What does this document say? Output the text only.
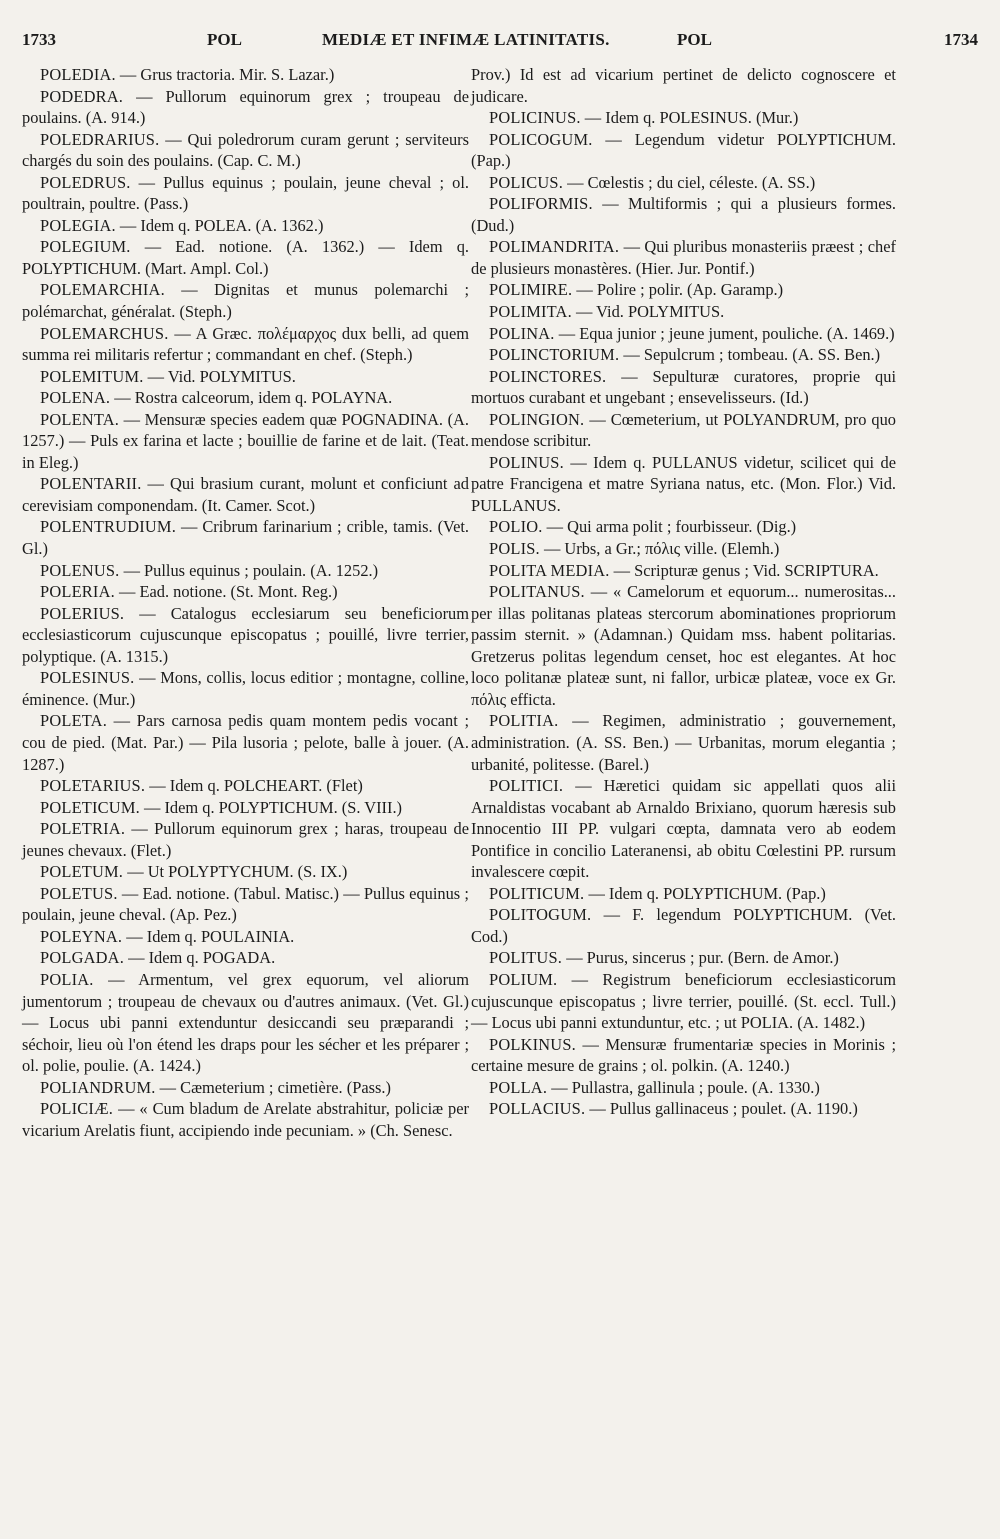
1733	POL	MEDIÆ ET INFIMÆ LATINITATIS.	POL	1734
POLEDIA. — Grus tractoria. Mir. S. Lazar.)
PODEDRA. — Pullorum equinorum grex ; troupeau de poulains. (A. 914.)
POLEDRARIUS. — Qui poledrorum curam gerunt ; serviteurs chargés du soin des poulains. (Cap. C. M.)
POLEDRUS. — Pullus equinus ; poulain, jeune cheval ; ol. poultrain, poultre. (Pass.)
POLEGIA. — Idem q. POLEA. (A. 1362.)
POLEGIUM. — Ead. notione. (A. 1362.) — Idem q. POLYPTICHUM. (Mart. Ampl. Col.)
POLEMARCHIA. — Dignitas et munus polemarchi ; polémarchat, généralat. (Steph.)
POLEMARCHUS. — A Græc. πολέμαρχος dux belli, ad quem summa rei militaris refertur ; commandant en chef. (Steph.)
POLEMITUM. — Vid. POLYMITUS.
POLENA. — Rostra calceorum, idem q. POLAYNA.
POLENTA. — Mensuræ species eadem quæ POGNADINA. (A. 1257.) — Puls ex farina et lacte ; bouillie de farine et de lait. (Teat. in Eleg.)
POLENTARII. — Qui brasium curant, molunt et conficiunt ad cerevisiam componendam. (It. Camer. Scot.)
POLENTRUDIUM. — Cribrum farinarium ; crible, tamis. (Vet. Gl.)
POLENUS. — Pullus equinus ; poulain. (A. 1252.)
POLERIA. — Ead. notione. (St. Mont. Reg.)
POLERIUS. — Catalogus ecclesiarum seu beneficiorum ecclesiasticorum cujuscunque episcopatus ; pouillé, livre terrier, polyptique. (A. 1315.)
POLESINUS. — Mons, collis, locus editior ; montagne, colline, éminence. (Mur.)
POLETA. — Pars carnosa pedis quam montem pedis vocant ; cou de pied. (Mat. Par.) — Pila lusoria ; pelote, balle à jouer. (A. 1287.)
POLETARIUS. — Idem q. POLCHEART. (Flet)
POLETICUM. — Idem q. POLYPTICHUM. (S. VIII.)
POLETRIA. — Pullorum equinorum grex ; haras, troupeau de jeunes chevaux. (Flet.)
POLETUM. — Ut POLYPTYCHUM. (S. IX.)
POLETUS. — Ead. notione. (Tabul. Matisc.) — Pullus equinus ; poulain, jeune cheval. (Ap. Pez.)
POLEYNA. — Idem q. POULAINIA.
POLGADA. — Idem q. POGADA.
POLIA. — Armentum, vel grex equorum, vel aliorum jumentorum ; troupeau de chevaux ou d'autres animaux. (Vet. Gl.) — Locus ubi panni extenduntur desiccandi seu præparandi ; séchoir, lieu où l'on étend les draps pour les sécher et les préparer ; ol. polie, poulie. (A. 1424.)
POLIANDRUM. — Cæmeterium ; cimetière. (Pass.)
POLICIÆ. — « Cum bladum de Arelate abstrahitur, policiæ per vicarium Arelatis fiunt, accipiendo inde pecuniam. » (Ch. Senesc.
Prov.) Id est ad vicarium pertinet de delicto cognoscere et judicare.
POLICINUS. — Idem q. POLESINUS. (Mur.)
POLICOGUM. — Legendum videtur POLYPTICHUM. (Pap.)
POLICUS. — Cœlestis ; du ciel, céleste. (A. SS.)
POLIFORMIS. — Multiformis ; qui a plusieurs formes. (Dud.)
POLIMANDRITA. — Qui pluribus monasteriis præest ; chef de plusieurs monastères. (Hier. Jur. Pontif.)
POLIMIRE. — Polire ; polir. (Ap. Garamp.)
POLIMITA. — Vid. POLYMITUS.
POLINA. — Equa junior ; jeune jument, pouliche. (A. 1469.)
POLINCTORIUM. — Sepulcrum ; tombeau. (A. SS. Ben.)
POLINCTORES. — Sepulturæ curatores, proprie qui mortuos curabant et ungebant ; ensevelisseurs. (Id.)
POLINGION. — Cœmeterium, ut POLYANDRUM, pro quo mendose scribitur.
POLINUS. — Idem q. PULLANUS videtur, scilicet qui de patre Francigena et matre Syriana natus, etc. (Mon. Flor.) Vid. PULLANUS.
POLIO. — Qui arma polit ; fourbisseur. (Dig.)
POLIS. — Urbs, a Gr.; πόλις ville. (Elemh.)
POLITA MEDIA. — Scripturæ genus ; Vid. SCRIPTURA.
POLITANUS. — « Camelorum et equorum... numerositas... per illas politanas plateas stercorum abominationes propriorum passim sternit. » (Adamnan.) Quidam mss. habent politarias. Gretzerus politas legendum censet, hoc est elegantes. At hoc loco politanæ plateæ sunt, ni fallor, urbicæ plateæ, voce ex Gr. πόλις efficta.
POLITIA. — Regimen, administratio ; gouvernement, administration. (A. SS. Ben.) — Urbanitas, morum elegantia ; urbanité, politesse. (Barel.)
POLITICI. — Hæretici quidam sic appellati quos alii Arnaldistas vocabant ab Arnaldo Brixiano, quorum hæresis sub Innocentio III PP. vulgari cœpta, damnata vero ab eodem Pontifice in concilio Lateranensi, ab obitu Cœlestini PP. rursum invalescere cœpit.
POLITICUM. — Idem q. POLYPTICHUM. (Pap.)
POLITOGUM. — F. legendum POLYPTICHUM. (Vet. Cod.)
POLITUS. — Purus, sincerus ; pur. (Bern. de Amor.)
POLIUM. — Registrum beneficiorum ecclesiasticorum cujuscunque episcopatus ; livre terrier, pouillé. (St. eccl. Tull.) — Locus ubi panni extunduntur, etc. ; ut POLIA. (A. 1482.)
POLKINUS. — Mensuræ frumentariæ species in Morinis ; certaine mesure de grains ; ol. polkin. (A. 1240.)
POLLA. — Pullastra, gallinula ; poule. (A. 1330.)
POLLACIUS. — Pullus gallinaceus ; poulet. (A. 1190.)
